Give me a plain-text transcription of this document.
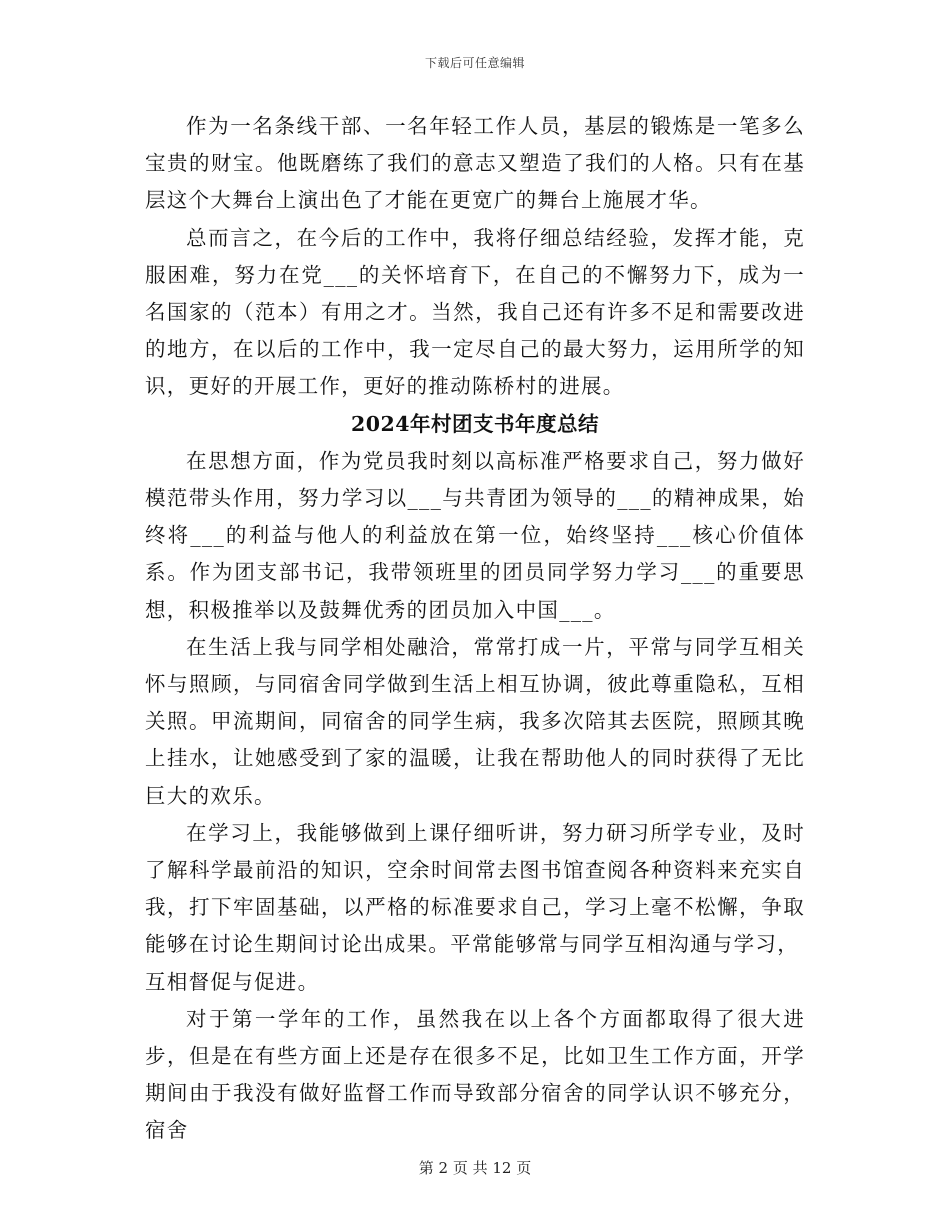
下载后可任意编辑

作为一名条线干部、一名年轻工作人员，基层的锻炼是一笔多么宝贵的财宝。他既磨练了我们的意志又塑造了我们的人格。只有在基层这个大舞台上演出色了才能在更宽广的舞台上施展才华。

总而言之，在今后的工作中，我将仔细总结经验，发挥才能，克服困难，努力在党___的关怀培育下，在自己的不懈努力下，成为一名国家的（范本）有用之才。当然，我自己还有许多不足和需要改进的地方，在以后的工作中，我一定尽自己的最大努力，运用所学的知识，更好的开展工作，更好的推动陈桥村的进展。

2024年村团支书年度总结

在思想方面，作为党员我时刻以高标准严格要求自己，努力做好模范带头作用，努力学习以___与共青团为领导的___的精神成果，始终将___的利益与他人的利益放在第一位，始终坚持___核心价值体系。作为团支部书记，我带领班里的团员同学努力学习___的重要思想，积极推举以及鼓舞优秀的团员加入中国___。

在生活上我与同学相处融洽，常常打成一片，平常与同学互相关怀与照顾，与同宿舍同学做到生活上相互协调，彼此尊重隐私，互相关照。甲流期间，同宿舍的同学生病，我多次陪其去医院，照顾其晚上挂水，让她感受到了家的温暖，让我在帮助他人的同时获得了无比巨大的欢乐。

在学习上，我能够做到上课仔细听讲，努力研习所学专业，及时了解科学最前沿的知识，空余时间常去图书馆查阅各种资料来充实自我，打下牢固基础，以严格的标准要求自己，学习上毫不松懈，争取能够在讨论生期间讨论出成果。平常能够常与同学互相沟通与学习，

互相督促与促进。

对于第一学年的工作，虽然我在以上各个方面都取得了很大进步，但是在有些方面上还是存在很多不足，比如卫生工作方面，开学期间由于我没有做好监督工作而导致部分宿舍的同学认识不够充分，宿舍

第 2 页 共 12 页
